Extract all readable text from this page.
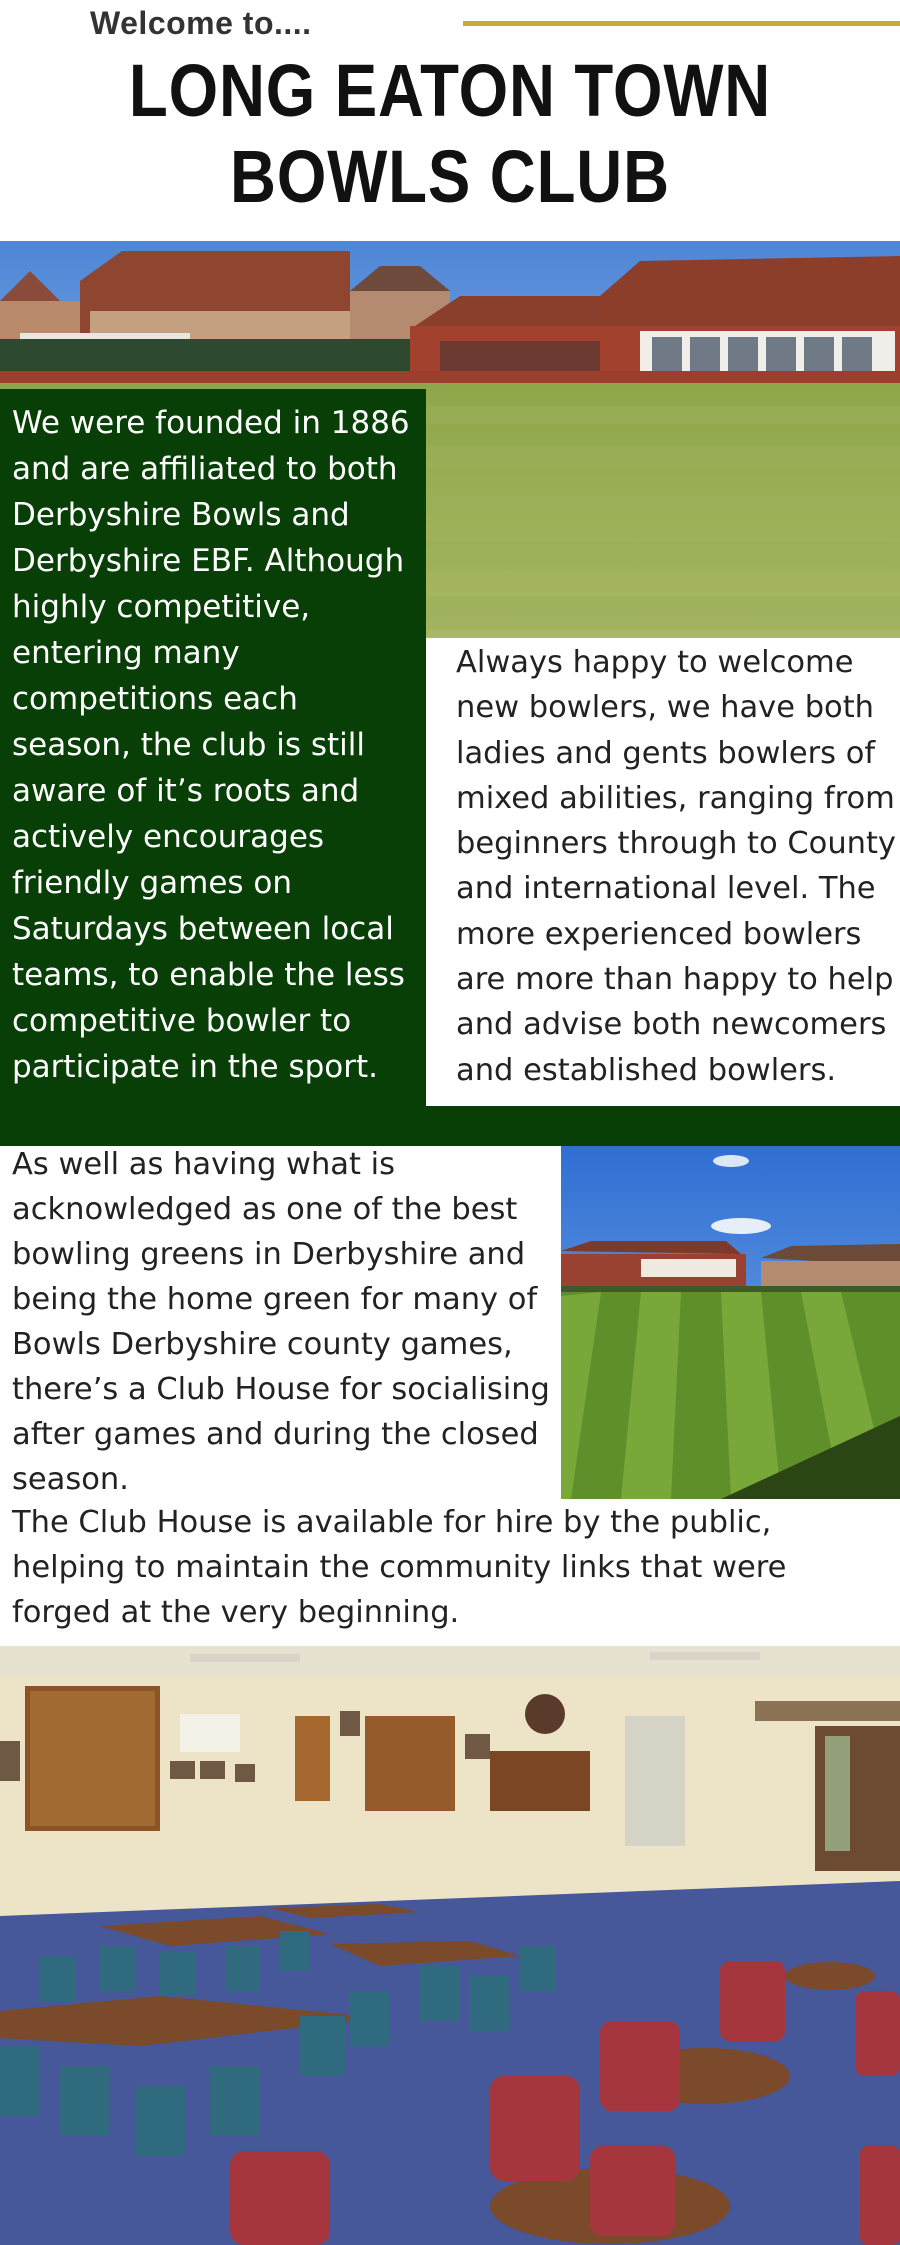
Welcome to....
LONG EATON TOWN
BOWLS CLUB
We were founded in 1886 and are affiliated to both Derbyshire Bowls and Derbyshire EBF. Although highly competitive, entering many competitions each season, the club is still aware of it’s roots and actively encourages friendly games on Saturdays between local teams, to enable the less competitive bowler to participate in the sport.
Always happy to welcome new bowlers, we have both ladies and gents bowlers of mixed abilities, ranging from beginners through to County and international level. The more experienced bowlers are more than happy to help and advise both newcomers and established bowlers.
As well as having what is acknowledged as one of the best bowling greens in Derbyshire and being the home green for many of Bowls Derbyshire county games, there’s a Club House for socialising after games and during the closed season.
The Club House is available for hire by the public, helping to maintain the community links that were forged at the very beginning.
